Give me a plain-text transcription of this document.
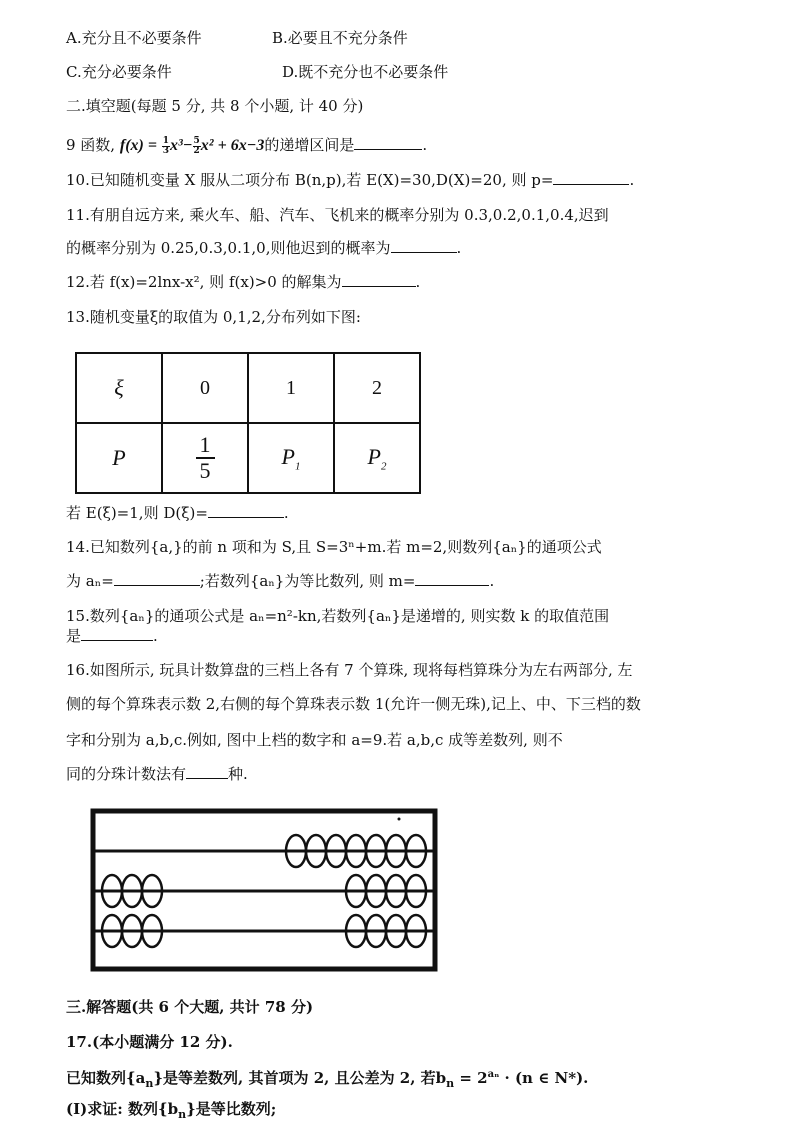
A.充分且不必要条件	B.必要且不充分条件
C.充分必要条件	D.既不充分也不必要条件
二.填空题(每题 5 分, 共 8 个小题, 计 40 分)
9 函数, $f(x) = \frac{1}{3} x^3- \frac{5}{2} x^2 + 6x-3$的递增区间是	.
10.已知随机变量 X 服从二项分布 B(n,p),若 E(X)=30,D(X)=20, 则 p=	.
11.有朋自远方来, 乘火车、船、汽车、飞机来的概率分别为 0.3,0.2,0.1,0.4,迟到
的概率分别为 0.25,0.3,0.1,0,则他迟到的概率为	.
12.若 f(x)=2lnx-x², 则 f(x)>0 的解集为	.
13.随机变量ξ的取值为 0,1,2,分布列如下图:
ξ	0	1	2
P	$\frac{1}{5}$	$P_1$	$P_2$
若 E(ξ)=1,则 D(ξ)=	.
14.已知数列{a,}的前 n 项和为 S,且 S=3ⁿ+m.若 m=2,则数列{aₙ}的通项公式
为 aₙ=	;若数列{aₙ}为等比数列, 则 m=	.
15.数列{aₙ}的通项公式是 aₙ=n²-kn,若数列{aₙ}是递增的, 则实数 k 的取值范围
是	.
16.如图所示, 玩具计数算盘的三档上各有 7 个算珠, 现将每档算珠分为左右两部分, 左
侧的每个算珠表示数 2,右侧的每个算珠表示数 1(允许一侧无珠),记上、中、下三档的数
字和分别为 a,b,c.例如, 图中上档的数字和 a=9.若 a,b,c 成等差数列, 则不
同的分珠计数法有	种.
三.解答题(共 6 个大题, 共计 78 分)
17.(本小题满分 12 分).
已知数列$\{a_n\}$是等差数列, 其首项为 2, 且公差为 2, 若$b_n = 2^{a_n} \cdot (n$ ∈ N*).
(Ⅰ)求证: 数列$\{b_n\}$是等比数列;
